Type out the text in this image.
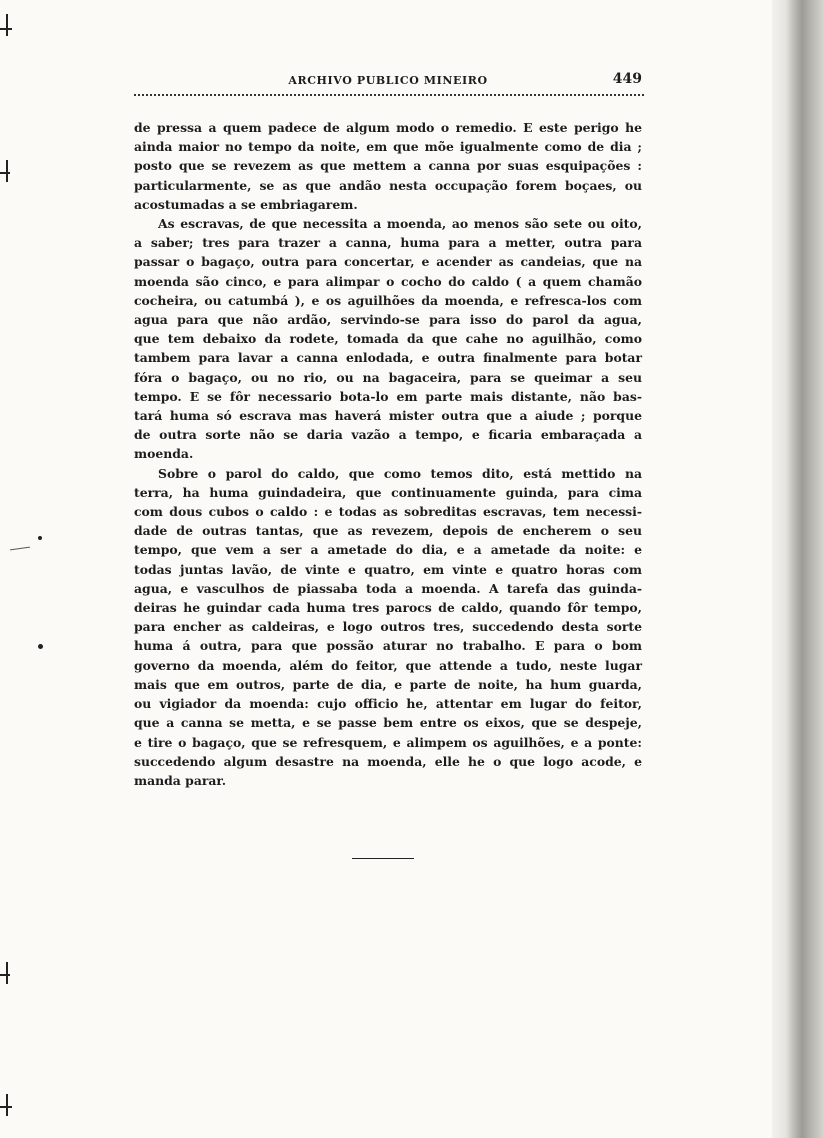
ARCHIVO PUBLICO MINEIRO	449

de pressa a quem padece de algum modo o remedio. E este perigo he
ainda maior no tempo da noite, em que mõe igualmente como de dia ;
posto que se revezem as que mettem a canna por suas esquipações :
particularmente, se as que andão nesta occupação forem boçaes, ou
acostumadas a se embriagarem.

As escravas, de que necessita a moenda, ao menos são sete ou oito,
a saber; tres para trazer a canna, huma para a metter, outra para
passar o bagaço, outra para concertar, e acender as candeias, que na
moenda são cinco, e para alimpar o cocho do caldo ( a quem chamão
cocheira, ou catumbá ), e os aguilhões da moenda, e refresca-los com
agua para que não ardão, servindo-se para isso do parol da agua,
que tem debaixo da rodete, tomada da que cahe no aguilhão, como
tambem para lavar a canna enlodada, e outra finalmente para botar
fóra o bagaço, ou no rio, ou na bagaceira, para se queimar a seu
tempo. E se fôr necessario bota-lo em parte mais distante, não bas-
tará huma só escrava mas haverá mister outra que a aiude ; porque
de outra sorte não se daria vazão a tempo, e ficaria embaraçada a
moenda.

Sobre o parol do caldo, que como temos dito, está mettido na
terra, ha huma guindadeira, que continuamente guinda, para cima
com dous cubos o caldo : e todas as sobreditas escravas, tem necessi-
dade de outras tantas, que as revezem, depois de encherem o seu
tempo, que vem a ser a ametade do dia, e a ametade da noite: e
todas juntas lavão, de vinte e quatro, em vinte e quatro horas com
agua, e vasculhos de piassaba toda a moenda. A tarefa das guinda-
deiras he guindar cada huma tres parocs de caldo, quando fôr tempo,
para encher as caldeiras, e logo outros tres, succedendo desta sorte
huma á outra, para que possão aturar no trabalho. E para o bom
governo da moenda, além do feitor, que attende a tudo, neste lugar
mais que em outros, parte de dia, e parte de noite, ha hum guarda,
ou vigiador da moenda: cujo officio he, attentar em lugar do feitor,
que a canna se metta, e se passe bem entre os eixos, que se despeje,
e tire o bagaço, que se refresquem, e alimpem os aguilhões, e a ponte:
succedendo algum desastre na moenda, elle he o que logo acode, e
manda parar.
